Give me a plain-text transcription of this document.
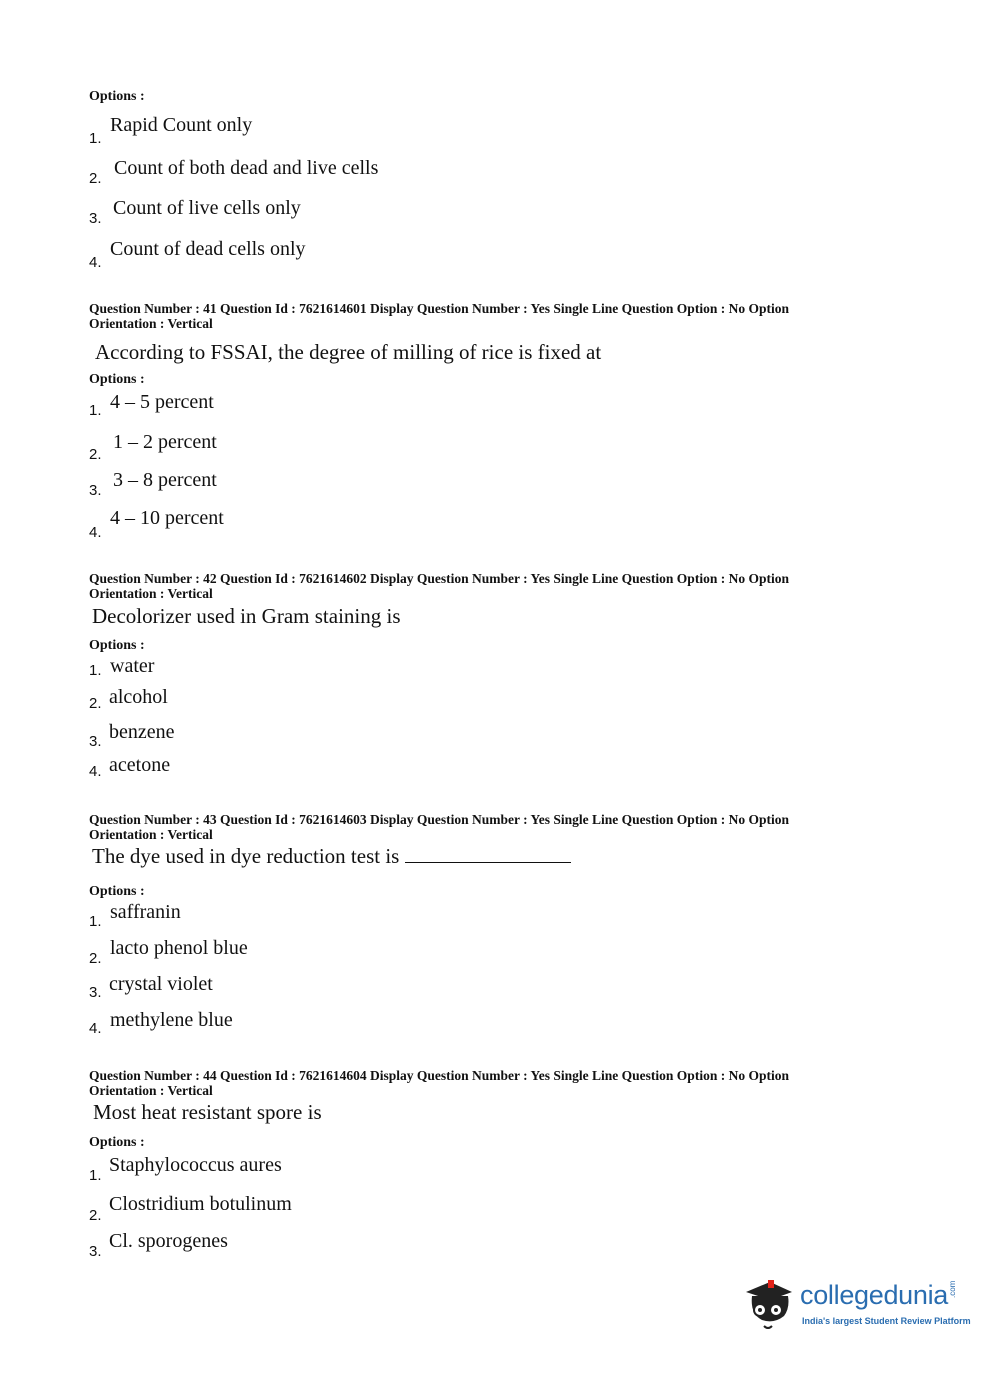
Options :
1.
Rapid Count only
2. Count of both dead and live cells
3. Count of live cells only
4.
Count of dead cells only
Question Number : 41 Question Id : 7621614601 Display Question Number : Yes Single Line Question Option : No Option
Orientation : Vertical
According to FSSAI, the degree of milling of rice is fixed at
Options :
1. 4 – 5 percent
2.
1 – 2 percent
3. 3 – 8 percent
4.
4 – 10 percent
Question Number : 42 Question Id : 7621614602 Display Question Number : Yes Single Line Question Option : No Option
Orientation : Vertical
Decolorizer used in Gram staining is
Options :
1. water
2. alcohol
3. benzene
4. acetone
Question Number : 43 Question Id : 7621614603 Display Question Number : Yes Single Line Question Option : No Option
Orientation : Vertical
The dye used in dye reduction test is
Options :
1. saffranin
2. lacto phenol blue
3. crystal violet
4. methylene blue
Question Number : 44 Question Id : 7621614604 Display Question Number : Yes Single Line Question Option : No Option
Orientation : Vertical
Most heat resistant spore is
Options :
1. Staphylococcus aures
2.
Clostridium botulinum
3. Cl. sporogenes
collegedunia .com
India's largest Student Review Platform
